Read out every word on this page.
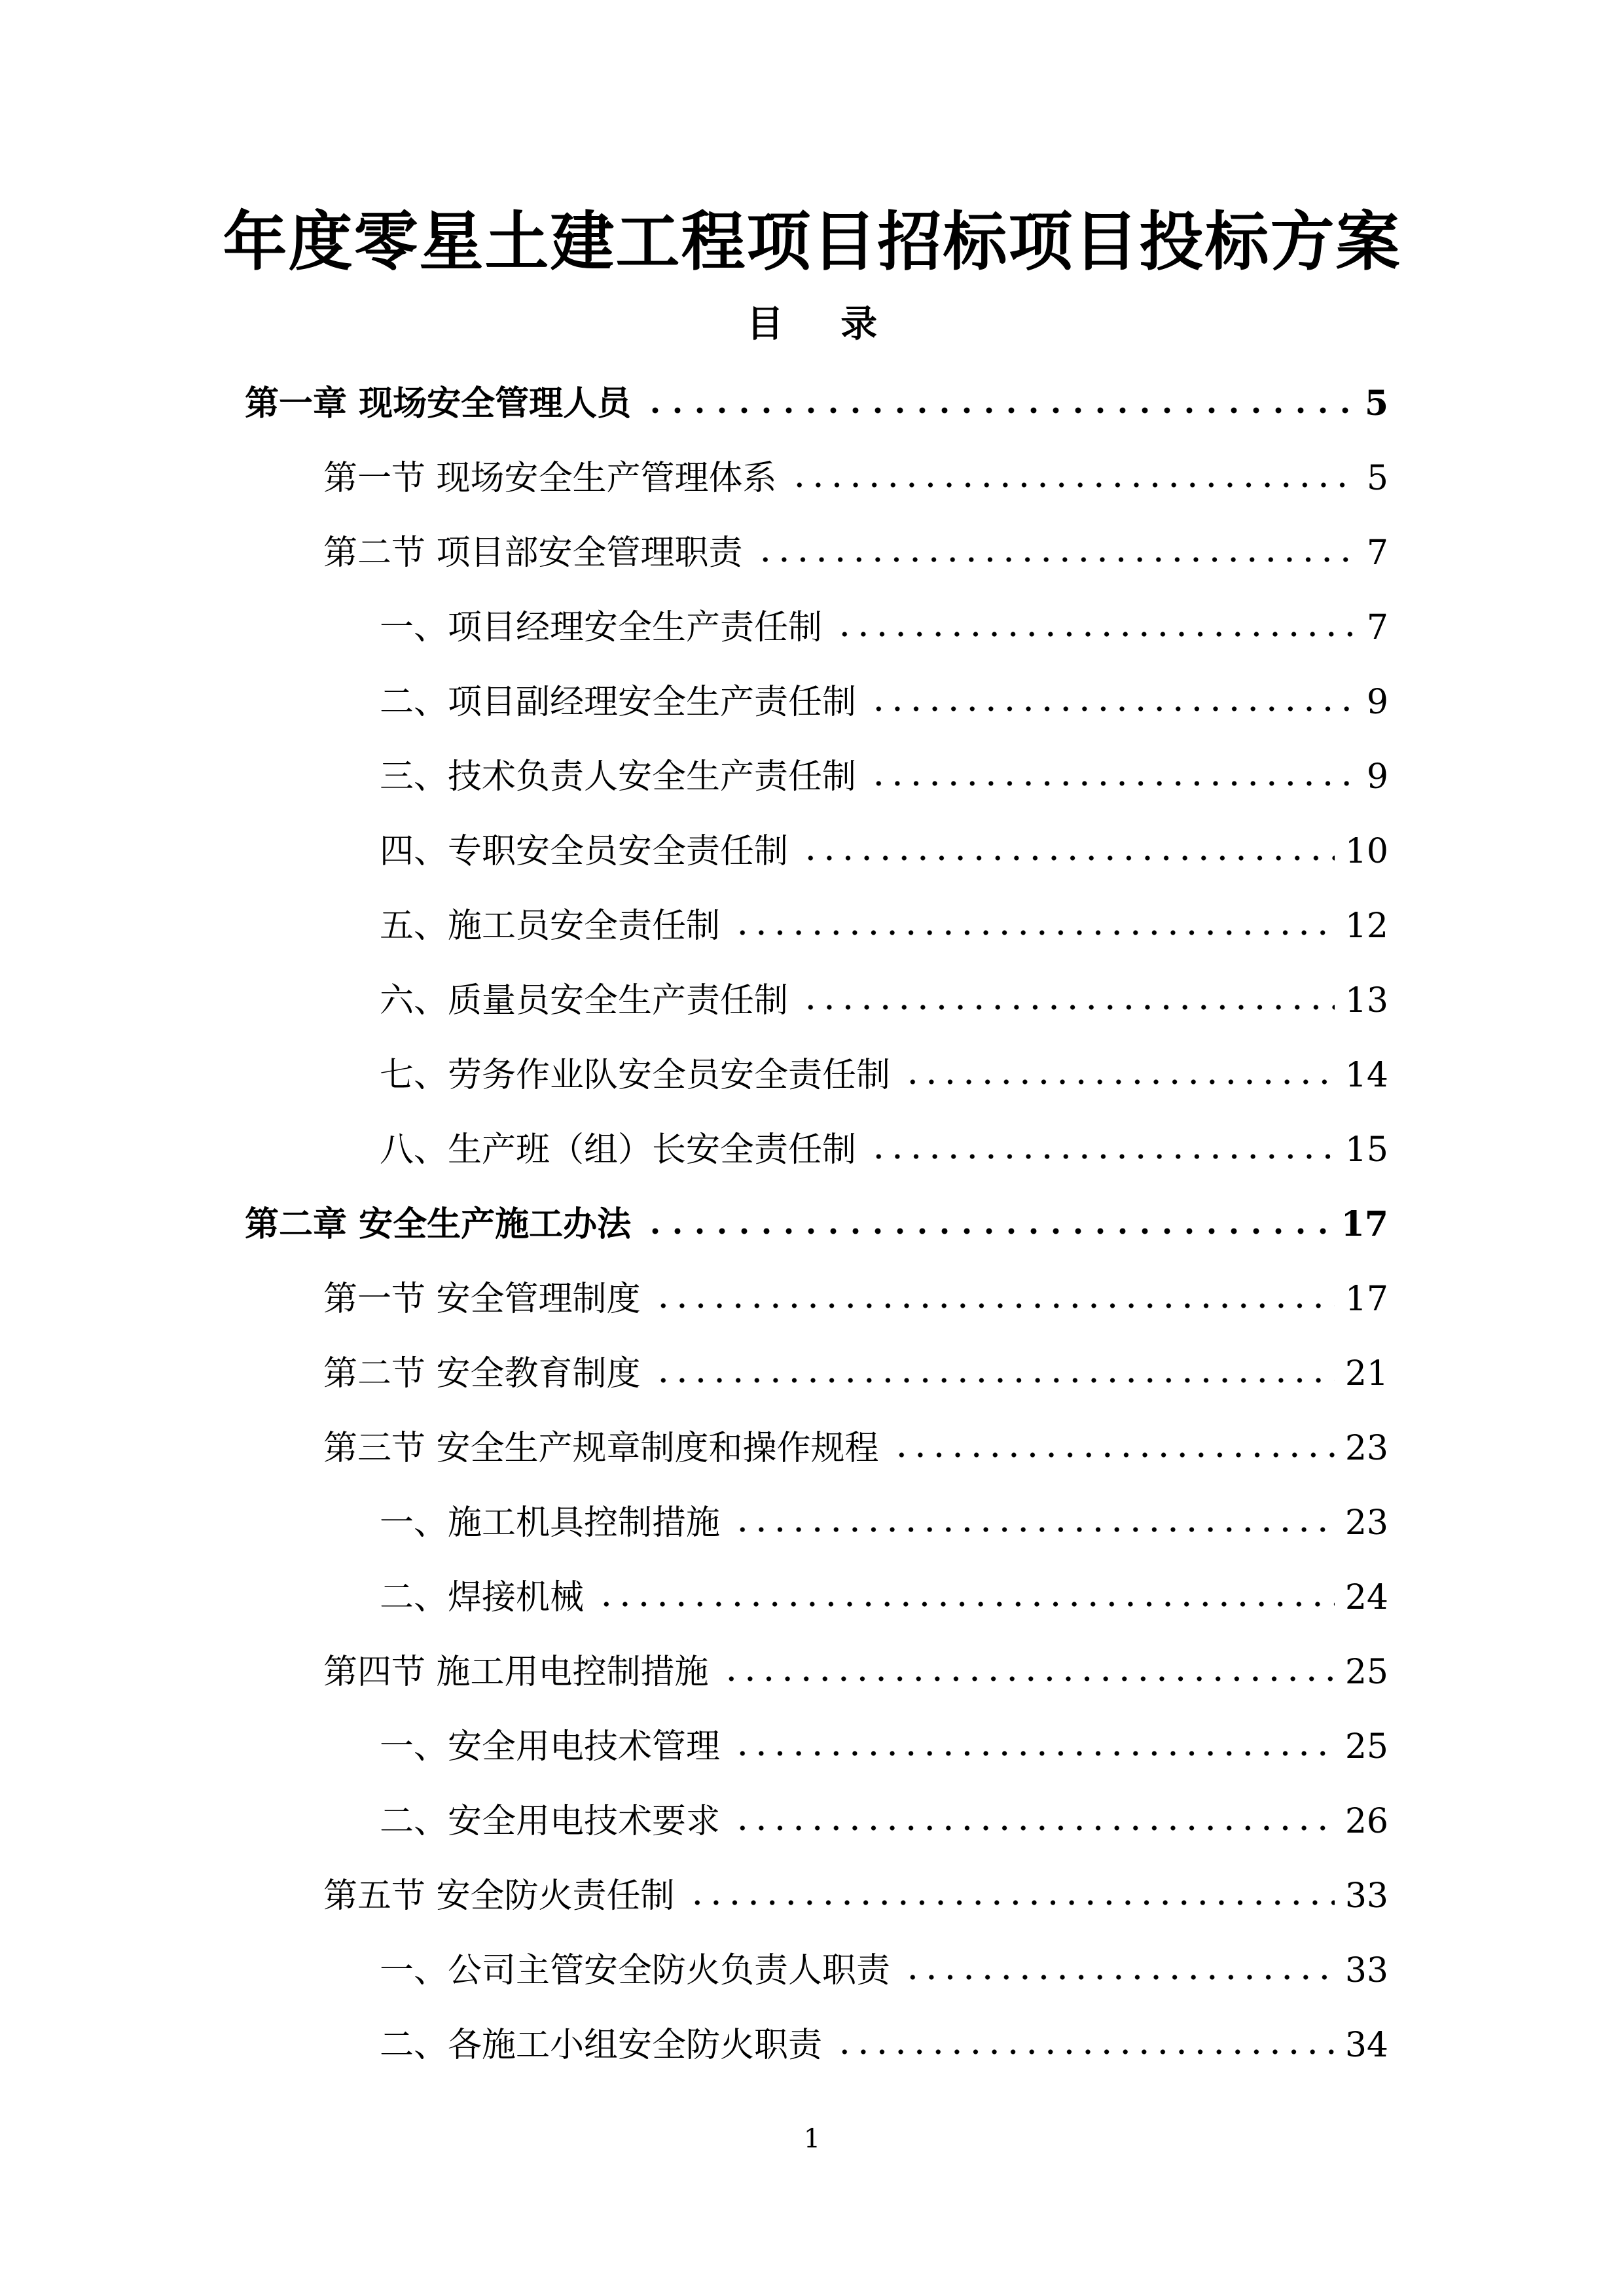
年度零星土建工程项目招标项目投标方案
目 录
第一章 现场安全管理人员	5
第一节 现场安全生产管理体系	5
第二节 项目部安全管理职责	7
一、项目经理安全生产责任制	7
二、项目副经理安全生产责任制	9
三、技术负责人安全生产责任制	9
四、专职安全员安全责任制	10
五、施工员安全责任制	12
六、质量员安全生产责任制	13
七、劳务作业队安全员安全责任制	14
八、生产班（组）长安全责任制	15
第二章 安全生产施工办法	17
第一节 安全管理制度	17
第二节 安全教育制度	21
第三节 安全生产规章制度和操作规程	23
一、施工机具控制措施	23
二、焊接机械	24
第四节 施工用电控制措施	25
一、安全用电技术管理	25
二、安全用电技术要求	26
第五节 安全防火责任制	33
一、公司主管安全防火负责人职责	33
二、各施工小组安全防火职责	34
1
